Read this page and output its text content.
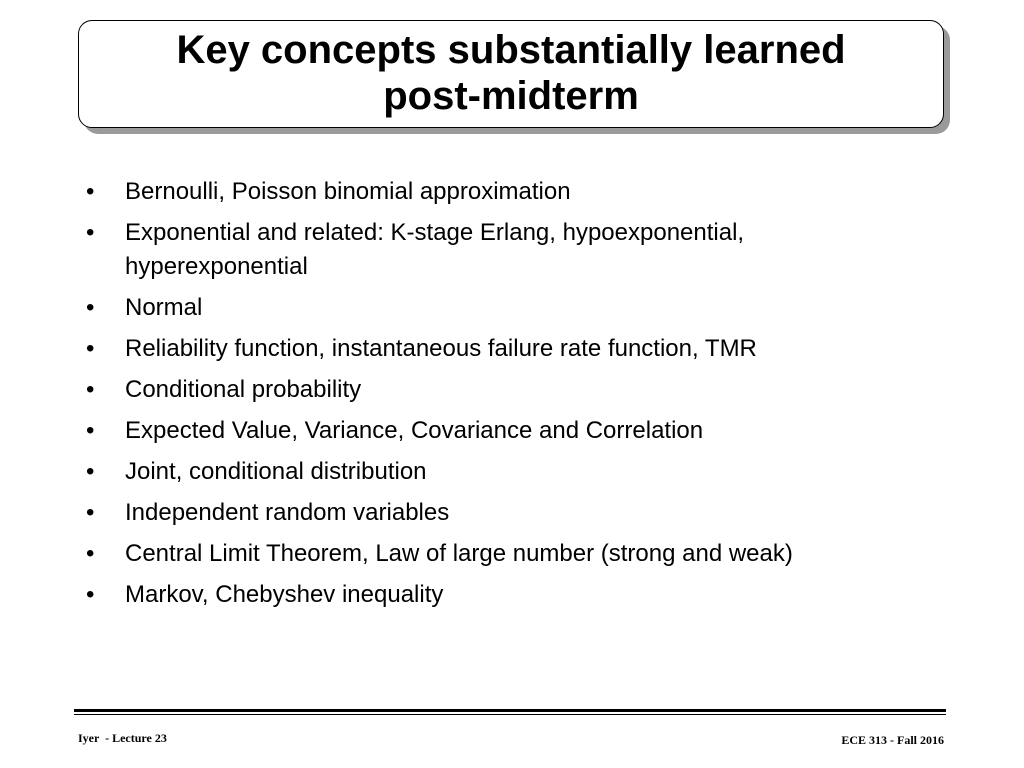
Key concepts substantially learned
post-midterm
• Bernoulli, Poisson binomial approximation
• Exponential and related: K-stage Erlang, hypoexponential, hyperexponential
• Normal
• Reliability function, instantaneous failure rate function, TMR
• Conditional probability
• Expected Value, Variance, Covariance and Correlation
• Joint, conditional distribution
• Independent random variables
• Central Limit Theorem, Law of large number (strong and weak)
• Markov, Chebyshev inequality
Iyer  - Lecture 23	ECE 313 - Fall 2016
